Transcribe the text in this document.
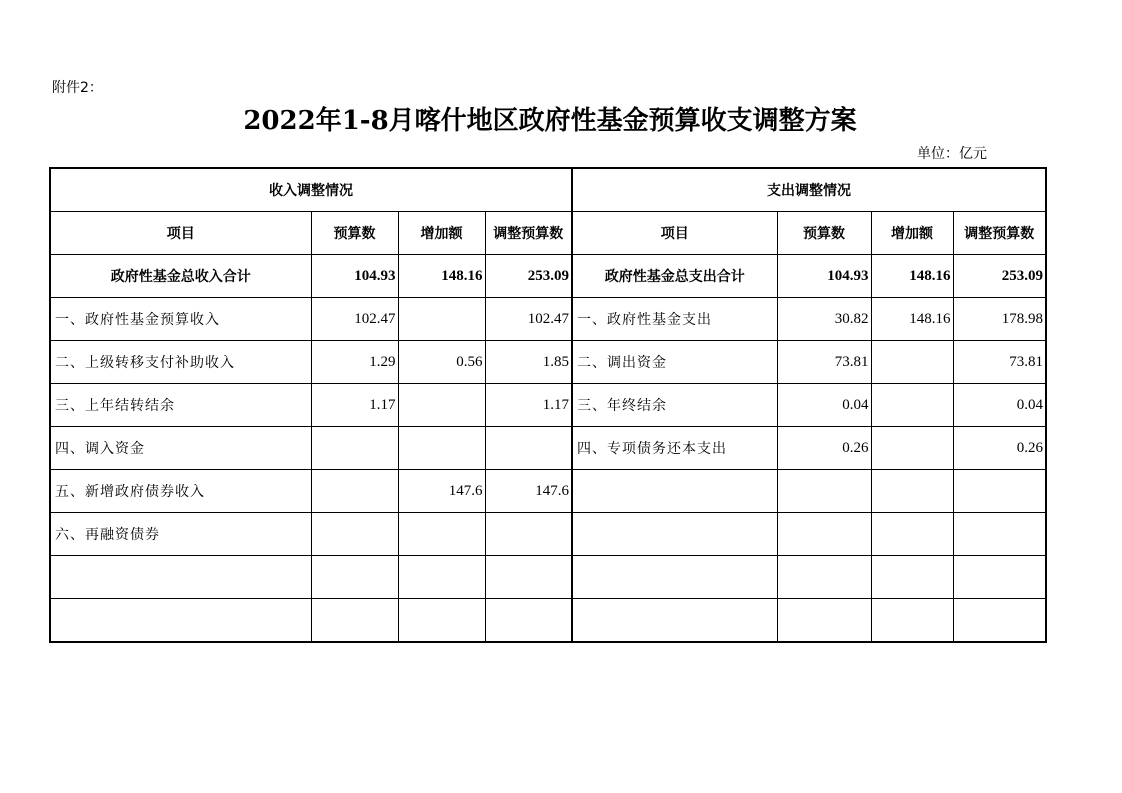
附件2：
2022年1-8月喀什地区政府性基金预算收支调整方案
单位：亿元
收入调整情况				支出调整情况			
项目	预算数	增加额	调整预算数	项目	预算数	增加额	调整预算数
政府性基金总收入合计	104.93	148.16	253.09	政府性基金总支出合计	104.93	148.16	253.09
一、政府性基金预算收入	102.47		102.47	一、政府性基金支出	30.82	148.16	178.98
二、上级转移支付补助收入	1.29	0.56	1.85	二、调出资金	73.81		73.81
三、上年结转结余	1.17		1.17	三、年终结余	0.04		0.04
四、调入资金				四、专项债务还本支出	0.26		0.26
五、新增政府债券收入		147.6	147.6				
六、再融资债券							
